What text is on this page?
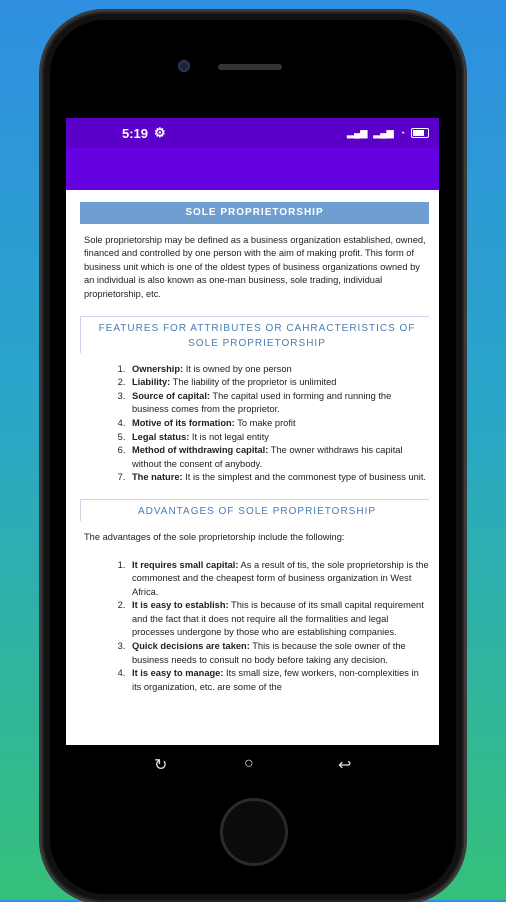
5:19 ⚙	▂▄▆ ▂▄▆ ◔
SOLE PROPRIETORSHIP

Sole proprietorship may be defined as a business organization established, owned, financed and controlled by one person with the aim of making profit. This form of business unit which is one of the oldest types of business organizations owned by an individual is also known as one-man business, sole trading, individual proprietorship, etc.

FEATURES FOR ATTRIBUTES OR CAHRACTERISTICS OF SOLE PROPRIETORSHIP
1. Ownership: It is owned by one person
2. Liability: The liability of the proprietor is unlimited
3. Source of capital: The capital used in forming and running the business comes from the proprietor.
4. Motive of its formation: To make profit
5. Legal status: It is not legal entity
6. Method of withdrawing capital: The owner withdraws his capital without the consent of anybody.
7. The nature: It is the simplest and the commonest type of business unit.
ADVANTAGES OF SOLE PROPRIETORSHIP

The advantages of the sole proprietorship include the following:

1. It requires small capital: As a result of tis, the sole proprietorship is the commonest and the cheapest form of business organization in West Africa.
2. It is easy to establish: This is because of its small capital requirement and the fact that it does not require all the formalities and legal processes undergone by those who are establishing companies.
3. Quick decisions are taken: This is because the sole owner of the business needs to consult no body before taking any decision.
4. It is easy to manage: Its small size, few workers, non-complexities in its organization, etc. are some of the
↻	○	↩
